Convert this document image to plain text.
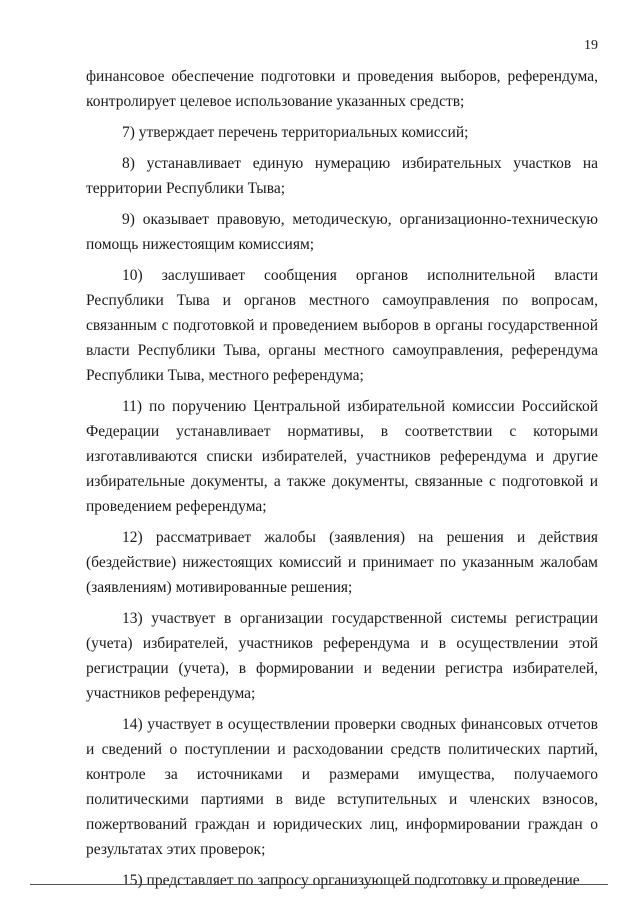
19

финансовое обеспечение подготовки и проведения выборов, референдума, контролирует целевое использование указанных средств;

7) утверждает перечень территориальных комиссий;

8) устанавливает единую нумерацию избирательных участков на территории Республики Тыва;

9) оказывает правовую, методическую, организационно-техническую помощь нижестоящим комиссиям;

10) заслушивает сообщения органов исполнительной власти Республики Тыва и органов местного самоуправления по вопросам, связанным с подготовкой и проведением выборов в органы государственной власти Республики Тыва, органы местного самоуправления, референдума Республики Тыва, местного референдума;

11) по поручению Центральной избирательной комиссии Российской Федерации устанавливает нормативы, в соответствии с которыми изготавливаются списки избирателей, участников референдума и другие избирательные документы, а также документы, связанные с подготовкой и проведением референдума;

12) рассматривает жалобы (заявления) на решения и действия (бездействие) нижестоящих комиссий и принимает по указанным жалобам (заявлениям) мотивированные решения;

13) участвует в организации государственной системы регистрации (учета) избирателей, участников референдума и в осуществлении этой регистрации (учета), в формировании и ведении регистра избирателей, участников референдума;

14) участвует в осуществлении проверки сводных финансовых отчетов и сведений о поступлении и расходовании средств политических партий, контроле за источниками и размерами имущества, получаемого политическими партиями в виде вступительных и членских взносов, пожертвований граждан и юридических лиц, информировании граждан о результатах этих проверок;

15) представляет по запросу организующей подготовку и проведение
